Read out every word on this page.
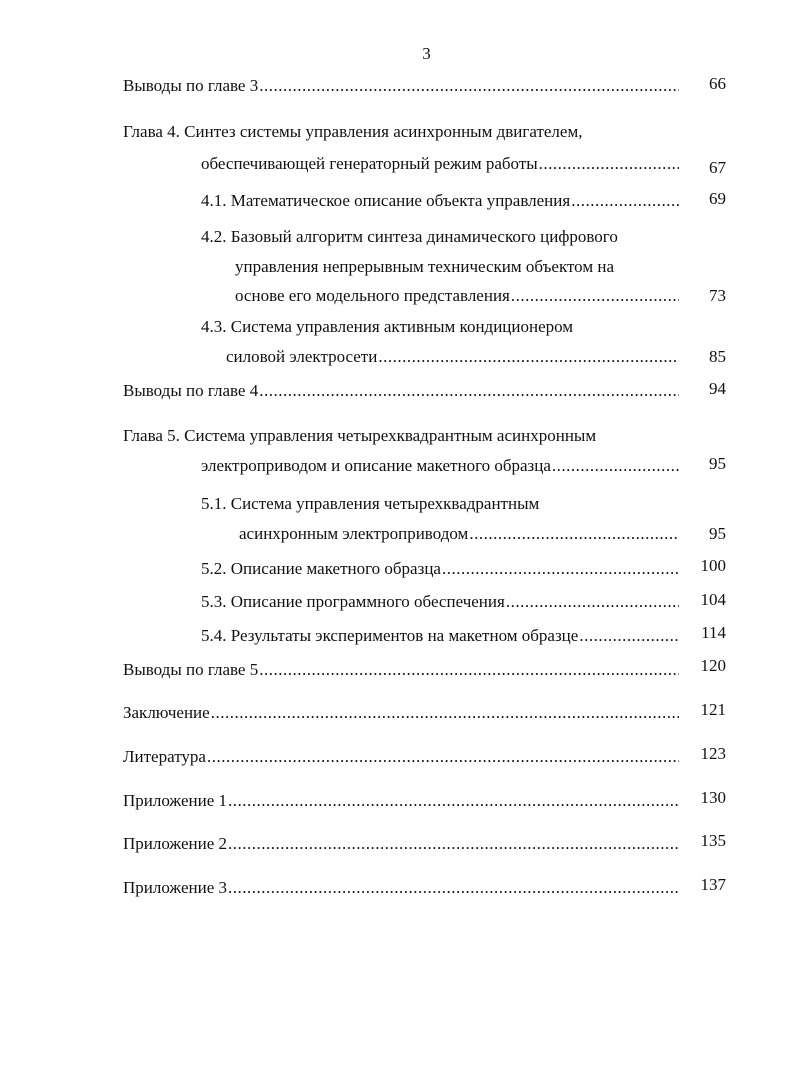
3
Выводы по главе 3 .....	66
Глава 4. Синтез системы управления асинхронным двигателем,
обеспечивающей генераторный режим работы .....	67
4.1. Математическое описание объекта управления .....	69
4.2. Базовый алгоритм синтеза динамического цифрового
управления непрерывным техническим объектом на
основе его модельного представления .....	73
4.3. Система управления активным кондиционером
силовой электросети .....	85
Выводы по главе 4 .....	94
Глава 5. Система управления четырехквадрантным асинхронным
электроприводом и описание макетного образца .....	95
5.1. Система управления четырехквадрантным
асинхронным электроприводом .....	95
5.2. Описание макетного образца .....	100
5.3. Описание программного обеспечения .....	104
5.4. Результаты экспериментов на макетном образце .....	114
Выводы по главе 5 .....	120
Заключение .....	121
Литература .....	123
Приложение 1 .....	130
Приложение 2 .....	135
Приложение 3 .....	137
